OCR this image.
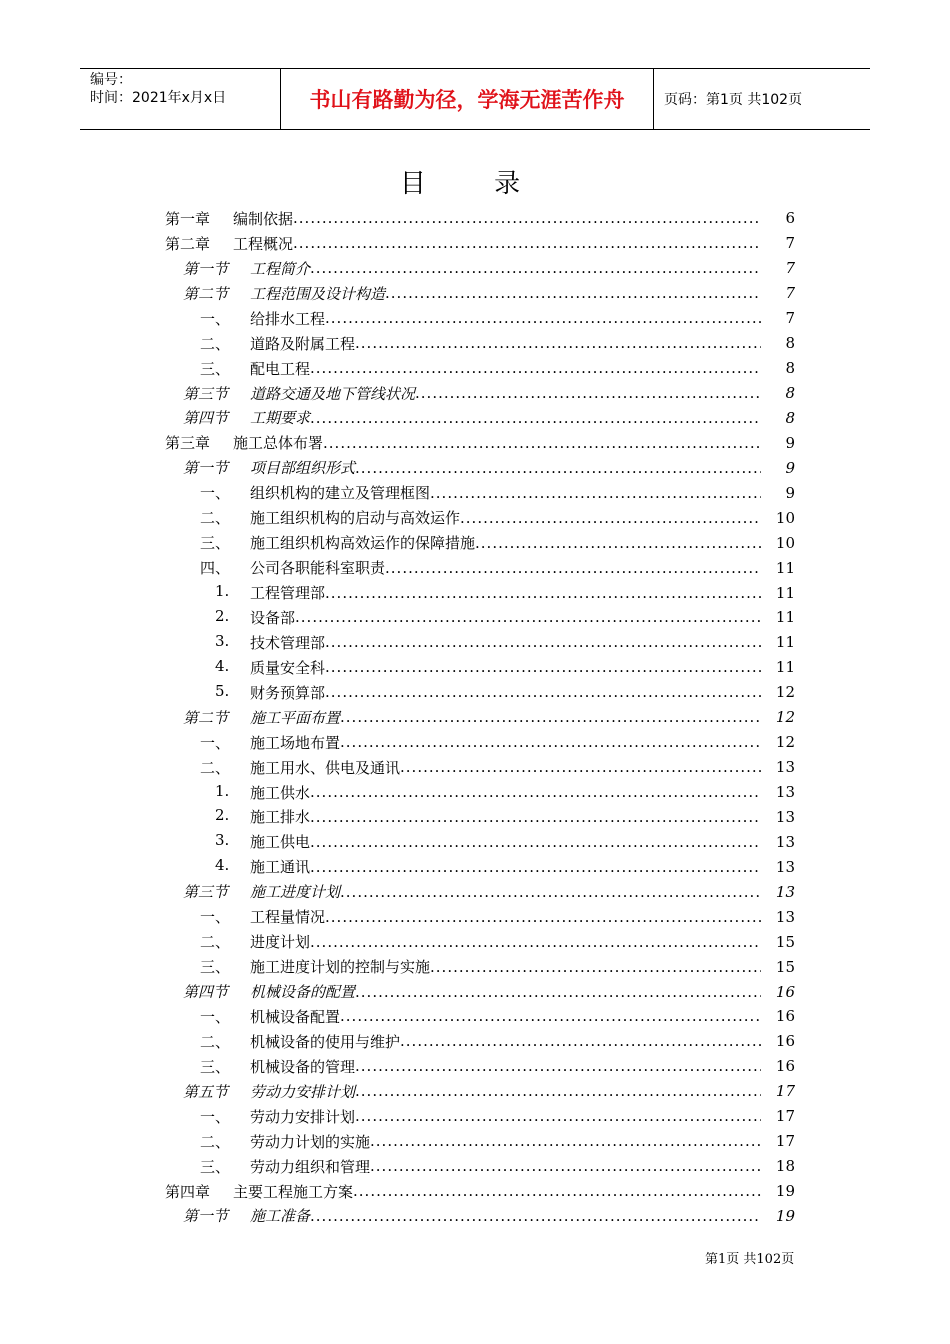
编号：
时间：2021年x月x日	书山有路勤为径，学海无涯苦作舟	页码：第1页 共102页
目 录
第一章	编制依据 .....	6
第二章	工程概况 .....	7
第一节	工程简介 .....	7
第二节	工程范围及设计构造 .....	7
一、	给排水工程 .....	7
二、	道路及附属工程 .....	8
三、	配电工程 .....	8
第三节	道路交通及地下管线状况 .....	8
第四节	工期要求 .....	8
第三章	施工总体布署 .....	9
第一节	项目部组织形式 .....	9
一、	组织机构的建立及管理框图 .....	9
二、	施工组织机构的启动与高效运作 .....	10
三、	施工组织机构高效运作的保障措施 .....	10
四、	公司各职能科室职责 .....	11
1.	工程管理部 .....	11
2.	设备部 .....	11
3.	技术管理部 .....	11
4.	质量安全科 .....	11
5.	财务预算部 .....	12
第二节	施工平面布置 .....	12
一、	施工场地布置 .....	12
二、	施工用水、供电及通讯 .....	13
1.	施工供水 .....	13
2.	施工排水 .....	13
3.	施工供电 .....	13
4.	施工通讯 .....	13
第三节	施工进度计划 .....	13
一、	工程量情况 .....	13
二、	进度计划 .....	15
三、	施工进度计划的控制与实施 .....	15
第四节	机械设备的配置 .....	16
一、	机械设备配置 .....	16
二、	机械设备的使用与维护 .....	16
三、	机械设备的管理 .....	16
第五节	劳动力安排计划 .....	17
一、	劳动力安排计划 .....	17
二、	劳动力计划的实施 .....	17
三、	劳动力组织和管理 .....	18
第四章	主要工程施工方案 .....	19
第一节	施工准备 .....	19
第1页 共102页
